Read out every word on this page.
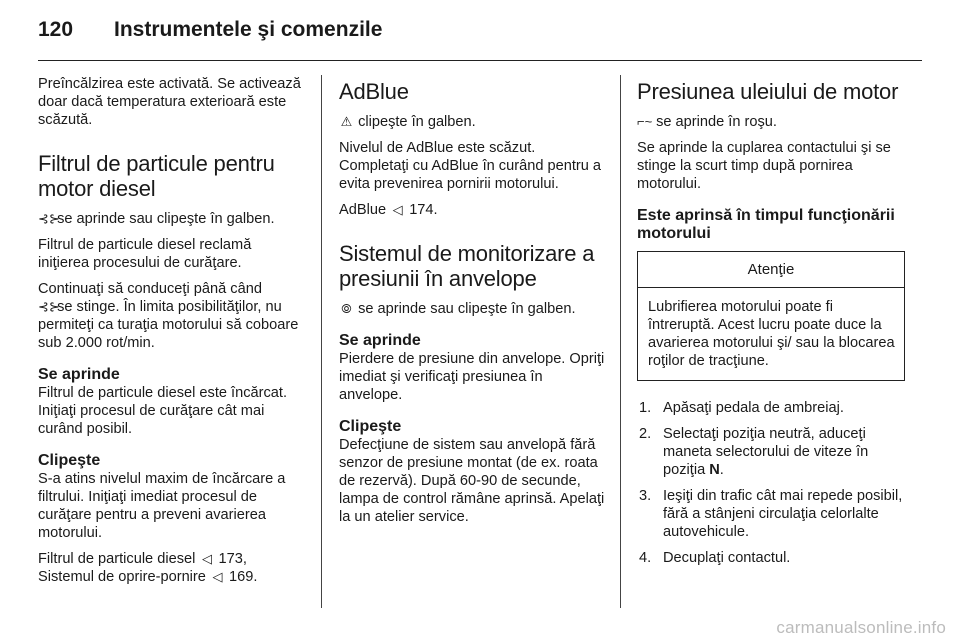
120	Instrumentele şi comenzile

Preîncălzirea este activată. Se activează doar dacă temperatura exterioară este scăzută.

Filtrul de particule pentru motor diesel

⊰⊱ se aprinde sau clipeşte în galben.

Filtrul de particule diesel reclamă iniţierea procesului de curăţare.

Continuaţi să conduceţi până când
⊰⊱ se stinge. În limita posibilităţilor, nu permiteţi ca turaţia motorului să coboare sub 2.000 rot/min.

Se aprinde

Filtrul de particule diesel este încărcat. Iniţiaţi procesul de curăţare cât mai curând posibil.

Clipeşte

S-a atins nivelul maxim de încărcare a filtrului. Iniţiaţi imediat procesul de curăţare pentru a preveni avarierea motorului.

Filtrul de particule diesel ◁ 173,
Sistemul de oprire-pornire ◁ 169.

AdBlue

⚠ clipeşte în galben.

Nivelul de AdBlue este scăzut. Completaţi cu AdBlue în curând pentru a evita prevenirea pornirii motorului.

AdBlue ◁ 174.

Sistemul de monitorizare a presiunii în anvelope

⦾ se aprinde sau clipeşte în galben.

Se aprinde

Pierdere de presiune din anvelope. Opriţi imediat şi verificaţi presiunea în anvelope.

Clipeşte

Defecţiune de sistem sau anvelopă fără senzor de presiune montat (de ex. roata de rezervă). După 60-90 de secunde, lampa de control rămâne aprinsă. Apelaţi la un atelier service.

Presiunea uleiului de motor

⌐~ se aprinde în roşu.

Se aprinde la cuplarea contactului şi se stinge la scurt timp după pornirea motorului.

Este aprinsă în timpul funcţionării motorului
Atenţie
Lubrifierea motorului poate fi întreruptă. Acest lucru poate duce la avarierea motorului şi/ sau la blocarea roţilor de tracţiune.
1. Apăsaţi pedala de ambreiaj.
2. Selectaţi poziţia neutră, aduceţi maneta selectorului de viteze în poziţia N.
3. Ieşiţi din trafic cât mai repede posibil, fără a stânjeni circulaţia celorlalte autovehicule.
4. Decuplaţi contactul.
carmanualsonline.info
